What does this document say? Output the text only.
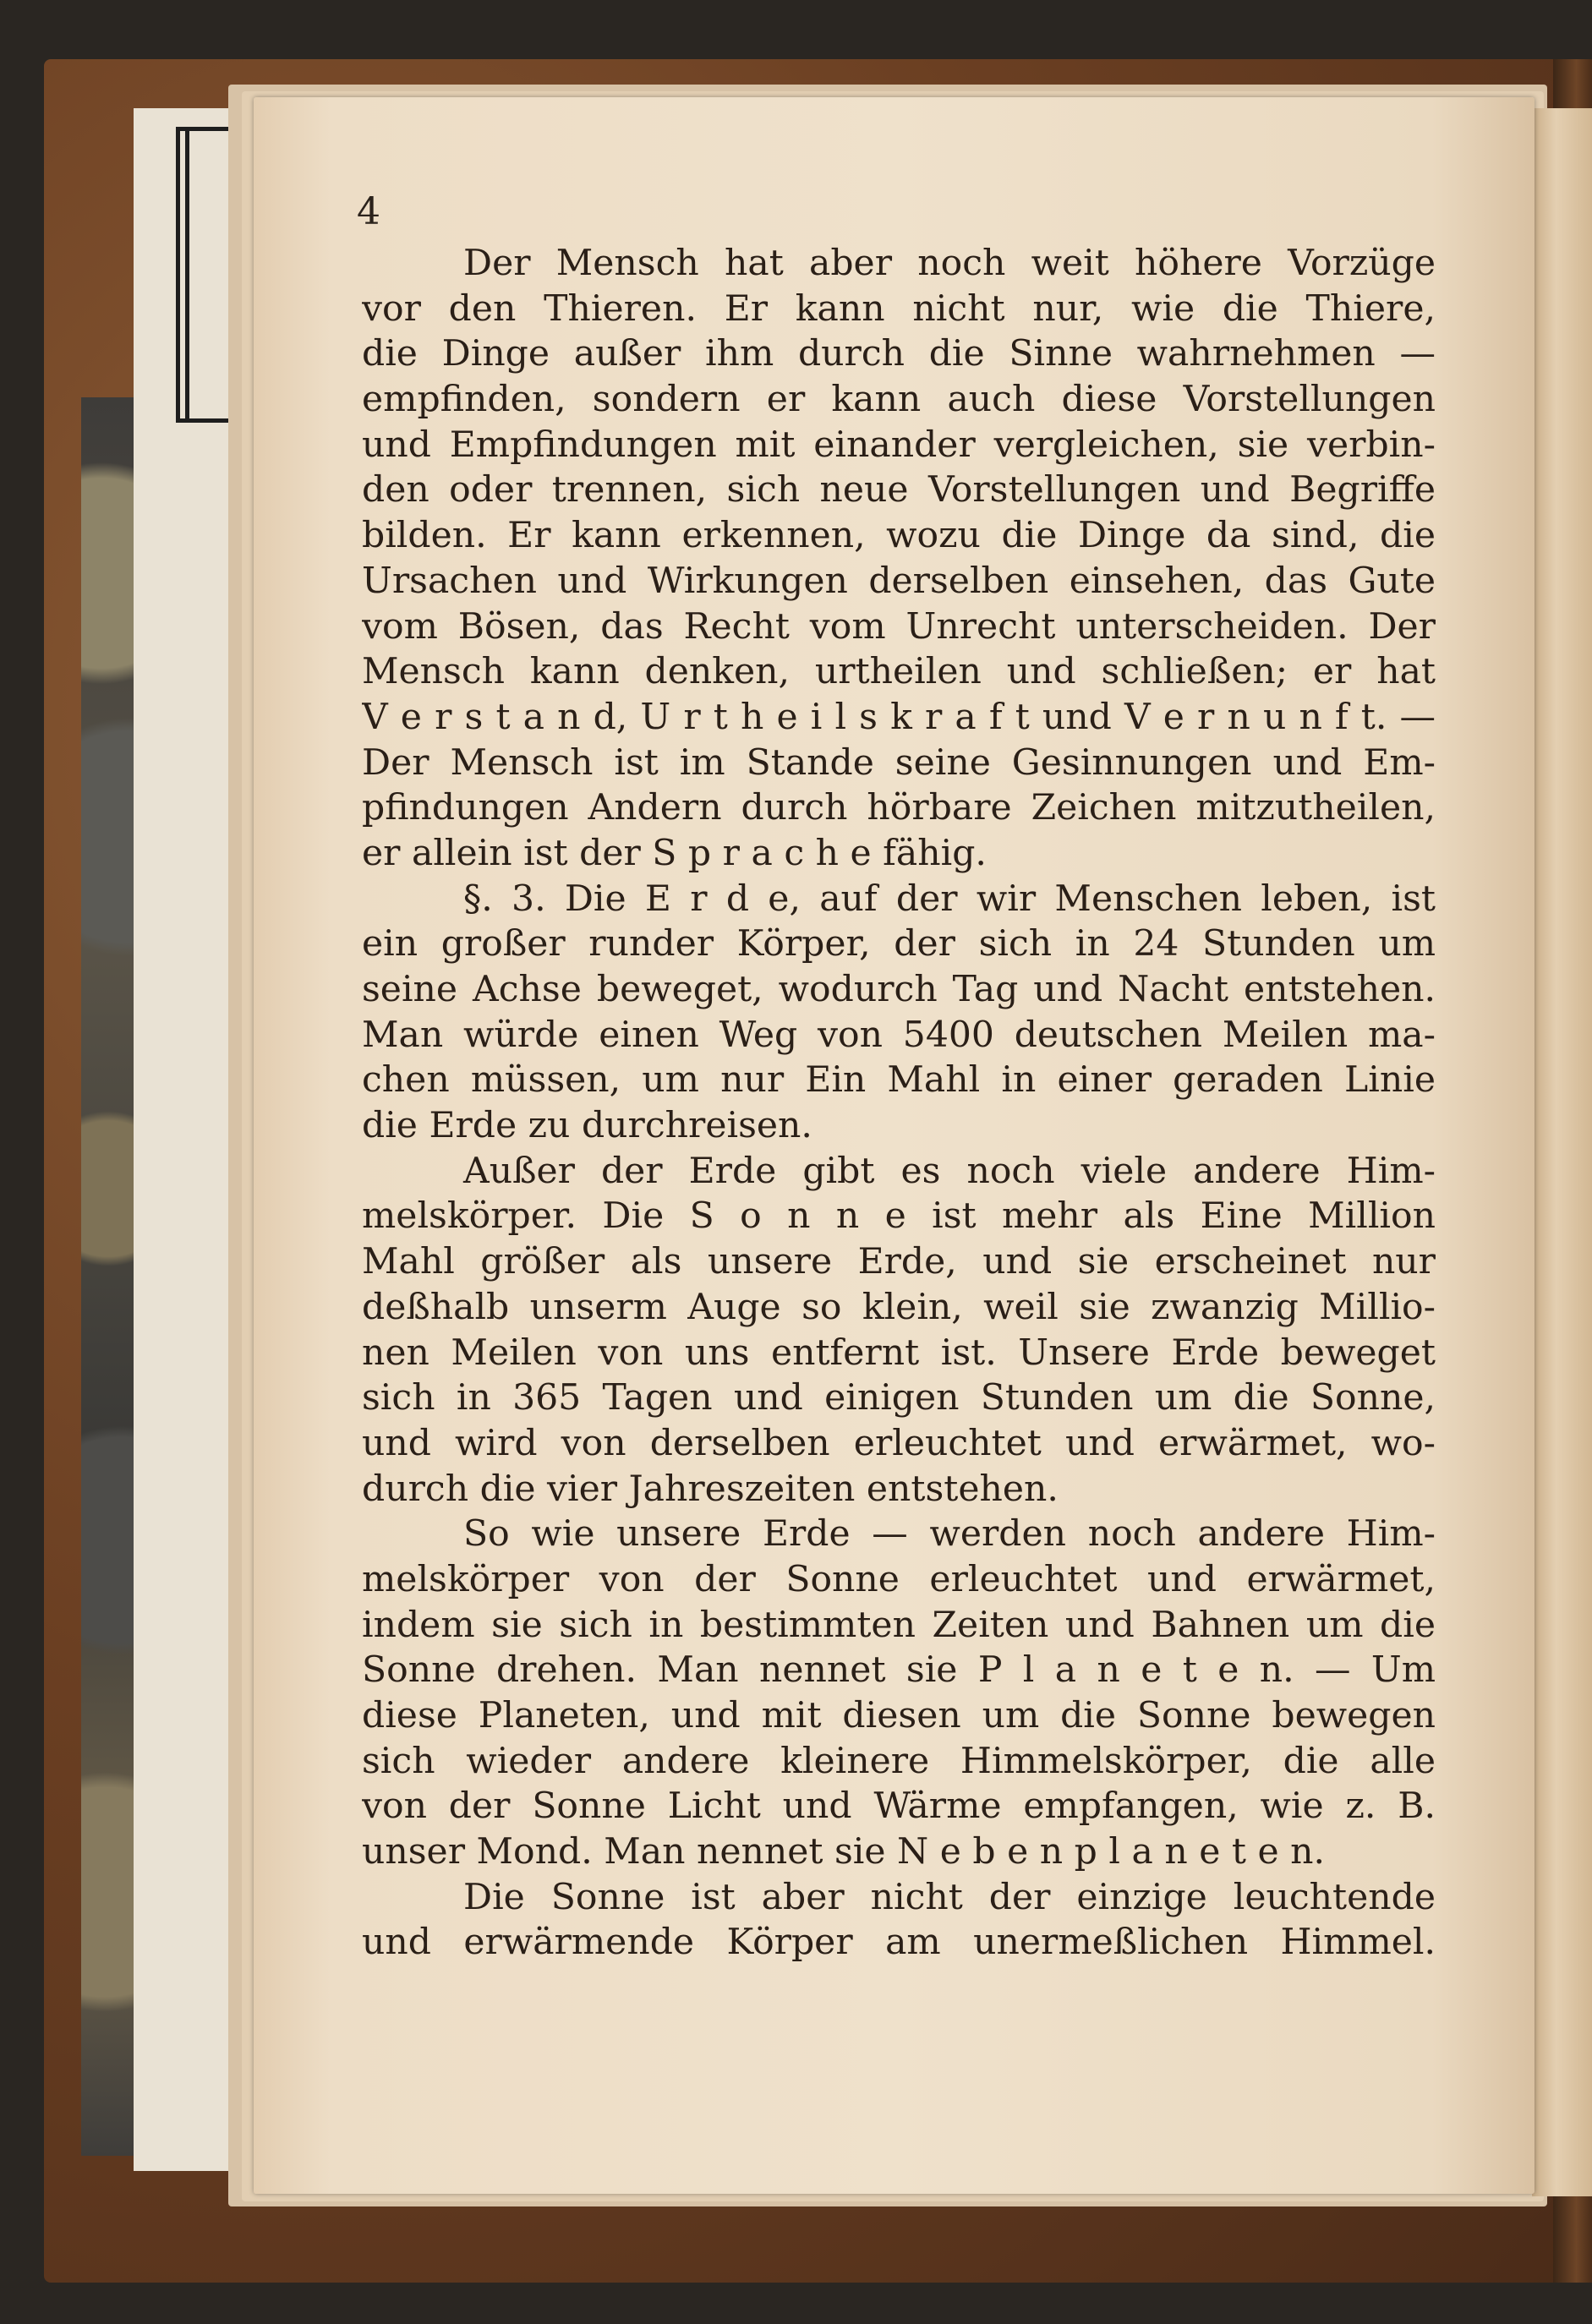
4
Der Mensch hat aber noch weit höhere Vorzüge
vor den Thieren. Er kann nicht nur, wie die Thiere,
die Dinge außer ihm durch die Sinne wahrnehmen —
empfinden, sondern er kann auch diese Vorstellungen
und Empfindungen mit einander vergleichen, sie verbin-
den oder trennen, sich neue Vorstellungen und Begriffe
bilden. Er kann erkennen, wozu die Dinge da sind, die
Ursachen und Wirkungen derselben einsehen, das Gute
vom Bösen, das Recht vom Unrecht unterscheiden. Der
Mensch kann denken, urtheilen und schließen; er hat
V e r s t a n d, U r t h e i l s k r a f t und V e r n u n f t. —
Der Mensch ist im Stande seine Gesinnungen und Em-
pfindungen Andern durch hörbare Zeichen mitzutheilen,
er allein ist der S p r a c h e fähig.
§. 3. Die E r d e, auf der wir Menschen leben, ist
ein großer runder Körper, der sich in 24 Stunden um
seine Achse beweget, wodurch Tag und Nacht entstehen.
Man würde einen Weg von 5400 deutschen Meilen ma-
chen müssen, um nur Ein Mahl in einer geraden Linie
die Erde zu durchreisen.
Außer der Erde gibt es noch viele andere Him-
melskörper. Die S o n n e ist mehr als Eine Million
Mahl größer als unsere Erde, und sie erscheinet nur
deßhalb unserm Auge so klein, weil sie zwanzig Millio-
nen Meilen von uns entfernt ist. Unsere Erde beweget
sich in 365 Tagen und einigen Stunden um die Sonne,
und wird von derselben erleuchtet und erwärmet, wo-
durch die vier Jahreszeiten entstehen.
So wie unsere Erde — werden noch andere Him-
melskörper von der Sonne erleuchtet und erwärmet,
indem sie sich in bestimmten Zeiten und Bahnen um die
Sonne drehen. Man nennet sie P l a n e t e n. — Um
diese Planeten, und mit diesen um die Sonne bewegen
sich wieder andere kleinere Himmelskörper, die alle
von der Sonne Licht und Wärme empfangen, wie z. B.
unser Mond. Man nennet sie N e b e n p l a n e t e n.
Die Sonne ist aber nicht der einzige leuchtende
und erwärmende Körper am unermeßlichen Himmel.
